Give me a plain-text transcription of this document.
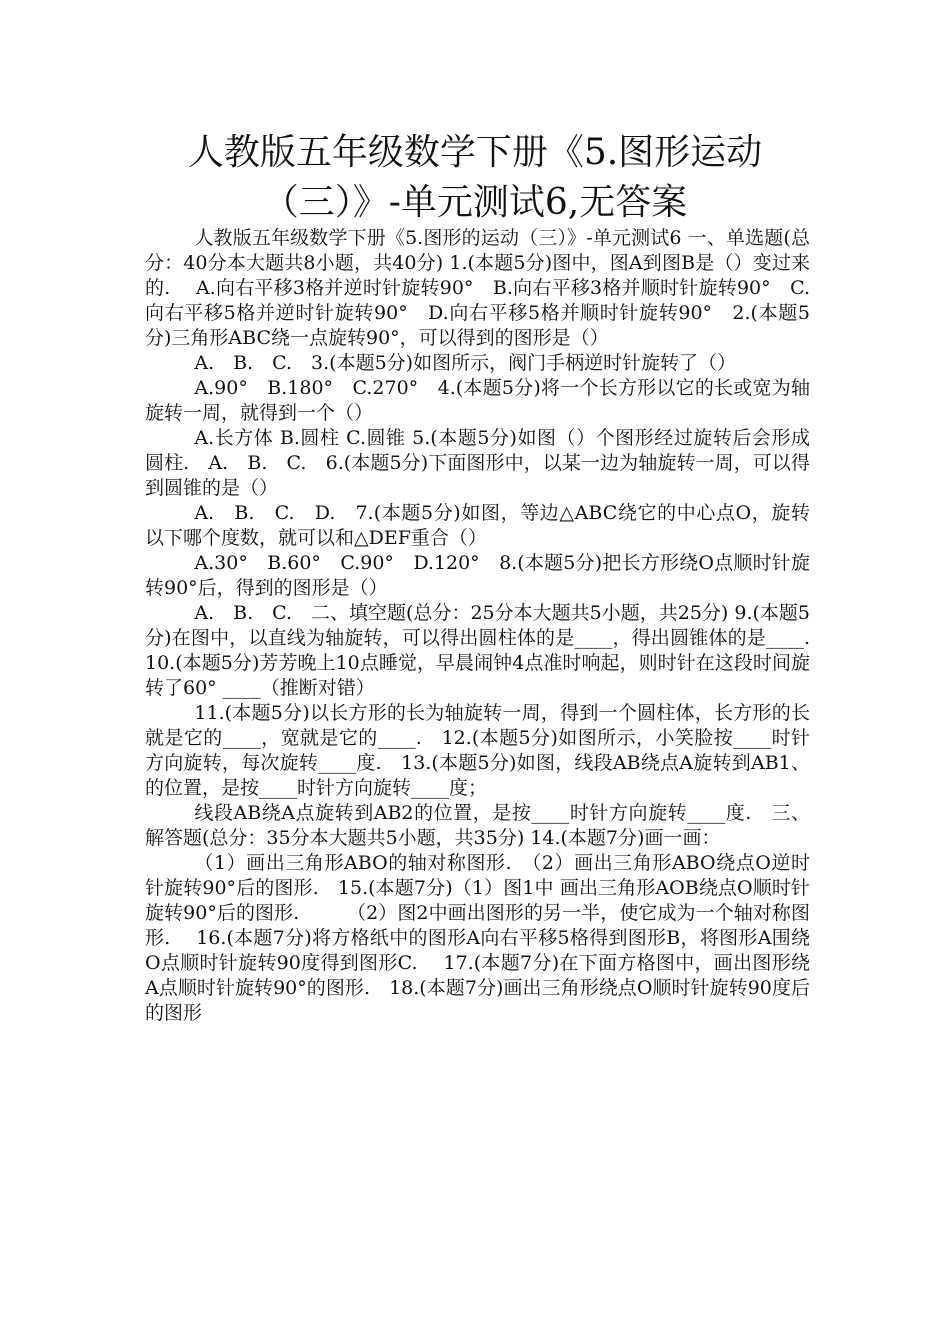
人教版五年级数学下册《5.图形运动
（三）》-单元测试6,无答案

人教版五年级数学下册《5.图形的运动（三）》-单元测试6 一、单选题(总分：40分本大题共8小题，共40分) 1.(本题5分)图中，图A到图B是（）变过来的.　 A.向右平移3格并逆时针旋转90°　B.向右平移3格并顺时针旋转90°　C.向右平移5格并逆时针旋转90°　D.向右平移5格并顺时针旋转90°　2.(本题5分)三角形ABC绕一点旋转90°，可以得到的图形是（）

A.　B.　C.　3.(本题5分)如图所示，阀门手柄逆时针旋转了（）

A.90°　B.180°　C.270°　4.(本题5分)将一个长方形以它的长或宽为轴旋转一周，就得到一个（）

A.长方体 B.圆柱 C.圆锥 5.(本题5分)如图（）个图形经过旋转后会形成圆柱.　A.　B.　C.　6.(本题5分)下面图形中，以某一边为轴旋转一周，可以得到圆锥的是（）

A.　B.　C.　D.　7.(本题5分)如图，等边△ABC绕它的中心点O，旋转以下哪个度数，就可以和△DEF重合（）

A.30°　B.60°　C.90°　D.120°　8.(本题5分)把长方形绕O点顺时针旋转90°后，得到的图形是（）

A.　B.　C.　二、填空题(总分：25分本大题共5小题，共25分) 9.(本题5分)在图中，以直线为轴旋转，可以得出圆柱体的是____，得出圆锥体的是____.　 10.(本题5分)芳芳晚上10点睡觉，早晨闹钟4点准时响起，则时针在这段时间旋转了60° ____（推断对错）

11.(本题5分)以长方形的长为轴旋转一周，得到一个圆柱体，长方形的长就是它的____，宽就是它的____.　12.(本题5分)如图所示，小笑脸按____时针方向旋转，每次旋转____度.　13.(本题5分)如图，线段AB绕点A旋转到AB1、的位置，是按____时针方向旋转____度；

线段AB绕A点旋转到AB2的位置，是按____时针方向旋转____度.　三、解答题(总分：35分本大题共5小题，共35分) 14.(本题7分)画一画：

（1）画出三角形ABO的轴对称图形.　（2）画出三角形ABO绕点O逆时针旋转90°后的图形.　15.(本题7分)（1）图1中 画出三角形AOB绕点O顺时针旋转90°后的图形.　　　（2）图2中画出图形的另一半，使它成为一个轴对称图形.　 16.(本题7分)将方格纸中的图形A向右平移5格得到图形B，将图形A围绕O点顺时针旋转90度得到图形C.　 17.(本题7分)在下面方格图中，画出图形绕A点顺时针旋转90°的图形.　18.(本题7分)画出三角形绕点O顺时针旋转90度后的图形
